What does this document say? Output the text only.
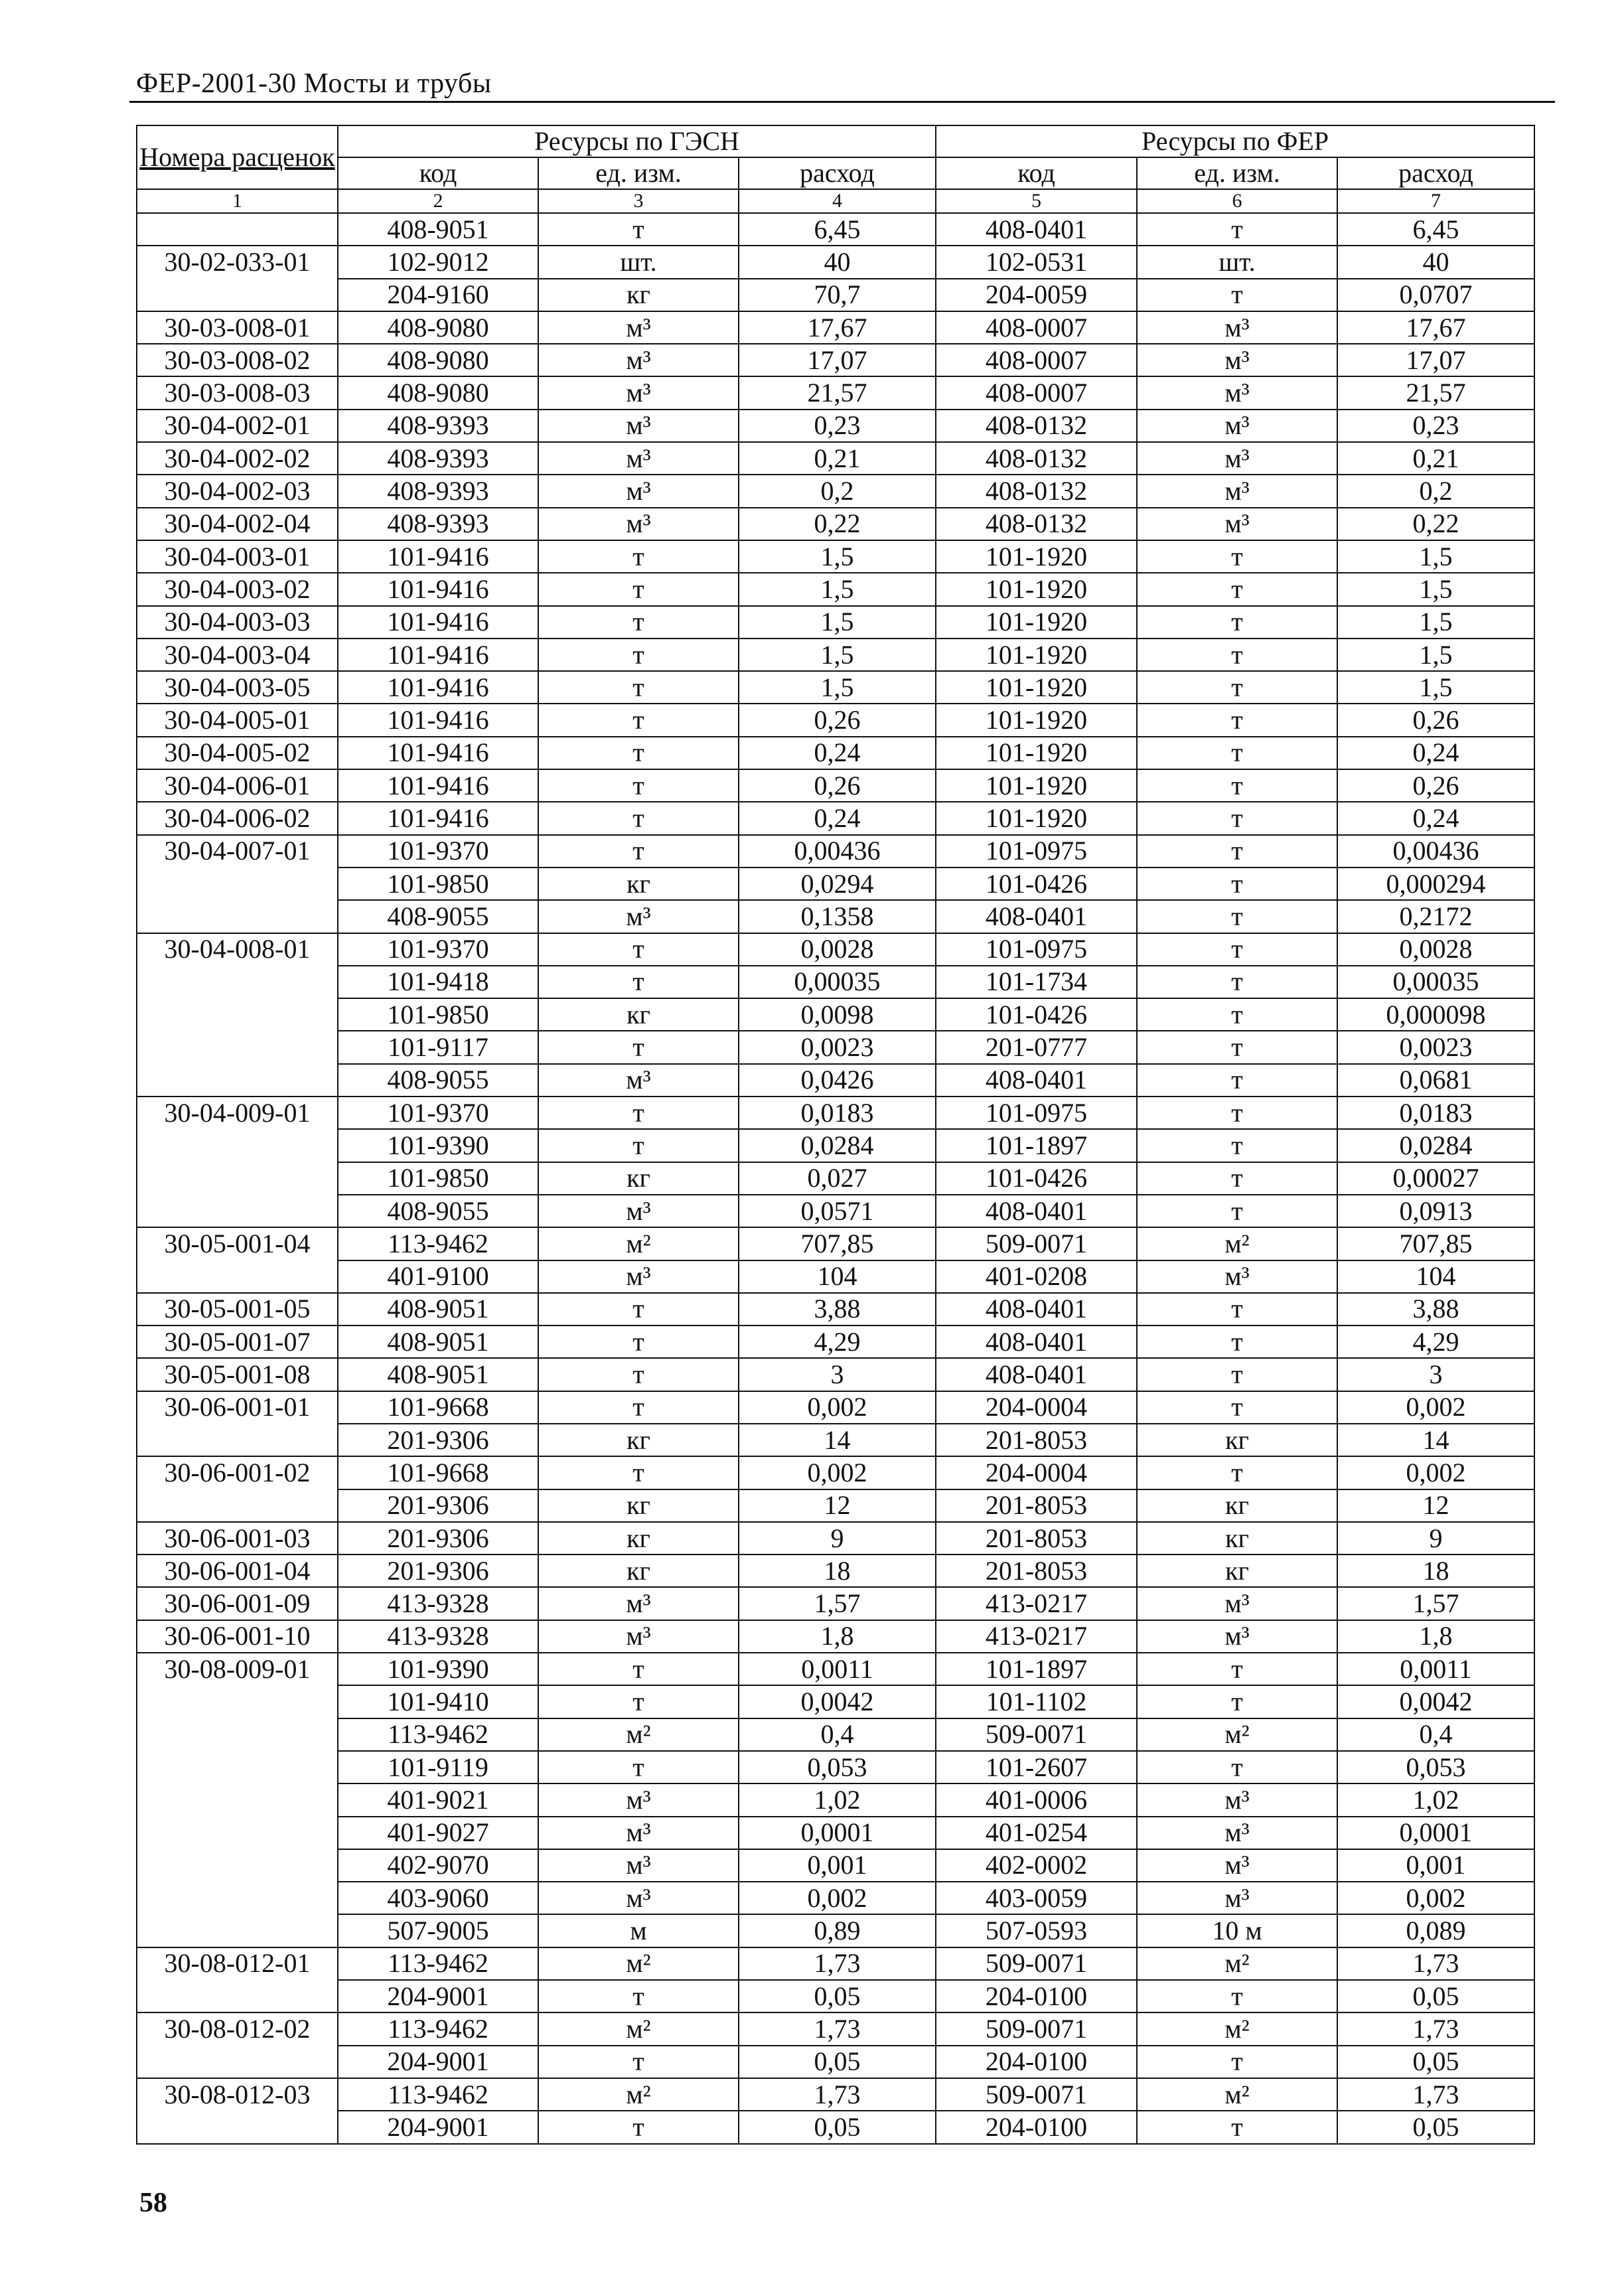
ФЕР-2001-30 Мосты и трубы
Номера расценок	Ресурсы по ГЭСН			Ресурсы по ФЕР		
	код	ед. изм.	расход	код	ед. изм.	расход
1	2	3	4	5	6	7
	408-9051	т	6,45	408-0401	т	6,45
30-02-033-01	102-9012	шт.	40	102-0531	шт.	40
	204-9160	кг	70,7	204-0059	т	0,0707
30-03-008-01	408-9080	м³	17,67	408-0007	м³	17,67
30-03-008-02	408-9080	м³	17,07	408-0007	м³	17,07
30-03-008-03	408-9080	м³	21,57	408-0007	м³	21,57
30-04-002-01	408-9393	м³	0,23	408-0132	м³	0,23
30-04-002-02	408-9393	м³	0,21	408-0132	м³	0,21
30-04-002-03	408-9393	м³	0,2	408-0132	м³	0,2
30-04-002-04	408-9393	м³	0,22	408-0132	м³	0,22
30-04-003-01	101-9416	т	1,5	101-1920	т	1,5
30-04-003-02	101-9416	т	1,5	101-1920	т	1,5
30-04-003-03	101-9416	т	1,5	101-1920	т	1,5
30-04-003-04	101-9416	т	1,5	101-1920	т	1,5
30-04-003-05	101-9416	т	1,5	101-1920	т	1,5
30-04-005-01	101-9416	т	0,26	101-1920	т	0,26
30-04-005-02	101-9416	т	0,24	101-1920	т	0,24
30-04-006-01	101-9416	т	0,26	101-1920	т	0,26
30-04-006-02	101-9416	т	0,24	101-1920	т	0,24
30-04-007-01	101-9370	т	0,00436	101-0975	т	0,00436
	101-9850	кг	0,0294	101-0426	т	0,000294
	408-9055	м³	0,1358	408-0401	т	0,2172
30-04-008-01	101-9370	т	0,0028	101-0975	т	0,0028
	101-9418	т	0,00035	101-1734	т	0,00035
	101-9850	кг	0,0098	101-0426	т	0,000098
	101-9117	т	0,0023	201-0777	т	0,0023
	408-9055	м³	0,0426	408-0401	т	0,0681
30-04-009-01	101-9370	т	0,0183	101-0975	т	0,0183
	101-9390	т	0,0284	101-1897	т	0,0284
	101-9850	кг	0,027	101-0426	т	0,00027
	408-9055	м³	0,0571	408-0401	т	0,0913
30-05-001-04	113-9462	м²	707,85	509-0071	м²	707,85
	401-9100	м³	104	401-0208	м³	104
30-05-001-05	408-9051	т	3,88	408-0401	т	3,88
30-05-001-07	408-9051	т	4,29	408-0401	т	4,29
30-05-001-08	408-9051	т	3	408-0401	т	3
30-06-001-01	101-9668	т	0,002	204-0004	т	0,002
	201-9306	кг	14	201-8053	кг	14
30-06-001-02	101-9668	т	0,002	204-0004	т	0,002
	201-9306	кг	12	201-8053	кг	12
30-06-001-03	201-9306	кг	9	201-8053	кг	9
30-06-001-04	201-9306	кг	18	201-8053	кг	18
30-06-001-09	413-9328	м³	1,57	413-0217	м³	1,57
30-06-001-10	413-9328	м³	1,8	413-0217	м³	1,8
30-08-009-01	101-9390	т	0,0011	101-1897	т	0,0011
	101-9410	т	0,0042	101-1102	т	0,0042
	113-9462	м²	0,4	509-0071	м²	0,4
	101-9119	т	0,053	101-2607	т	0,053
	401-9021	м³	1,02	401-0006	м³	1,02
	401-9027	м³	0,0001	401-0254	м³	0,0001
	402-9070	м³	0,001	402-0002	м³	0,001
	403-9060	м³	0,002	403-0059	м³	0,002
	507-9005	м	0,89	507-0593	10 м	0,089
30-08-012-01	113-9462	м²	1,73	509-0071	м²	1,73
	204-9001	т	0,05	204-0100	т	0,05
30-08-012-02	113-9462	м²	1,73	509-0071	м²	1,73
	204-9001	т	0,05	204-0100	т	0,05
30-08-012-03	113-9462	м²	1,73	509-0071	м²	1,73
	204-9001	т	0,05	204-0100	т	0,05
58
